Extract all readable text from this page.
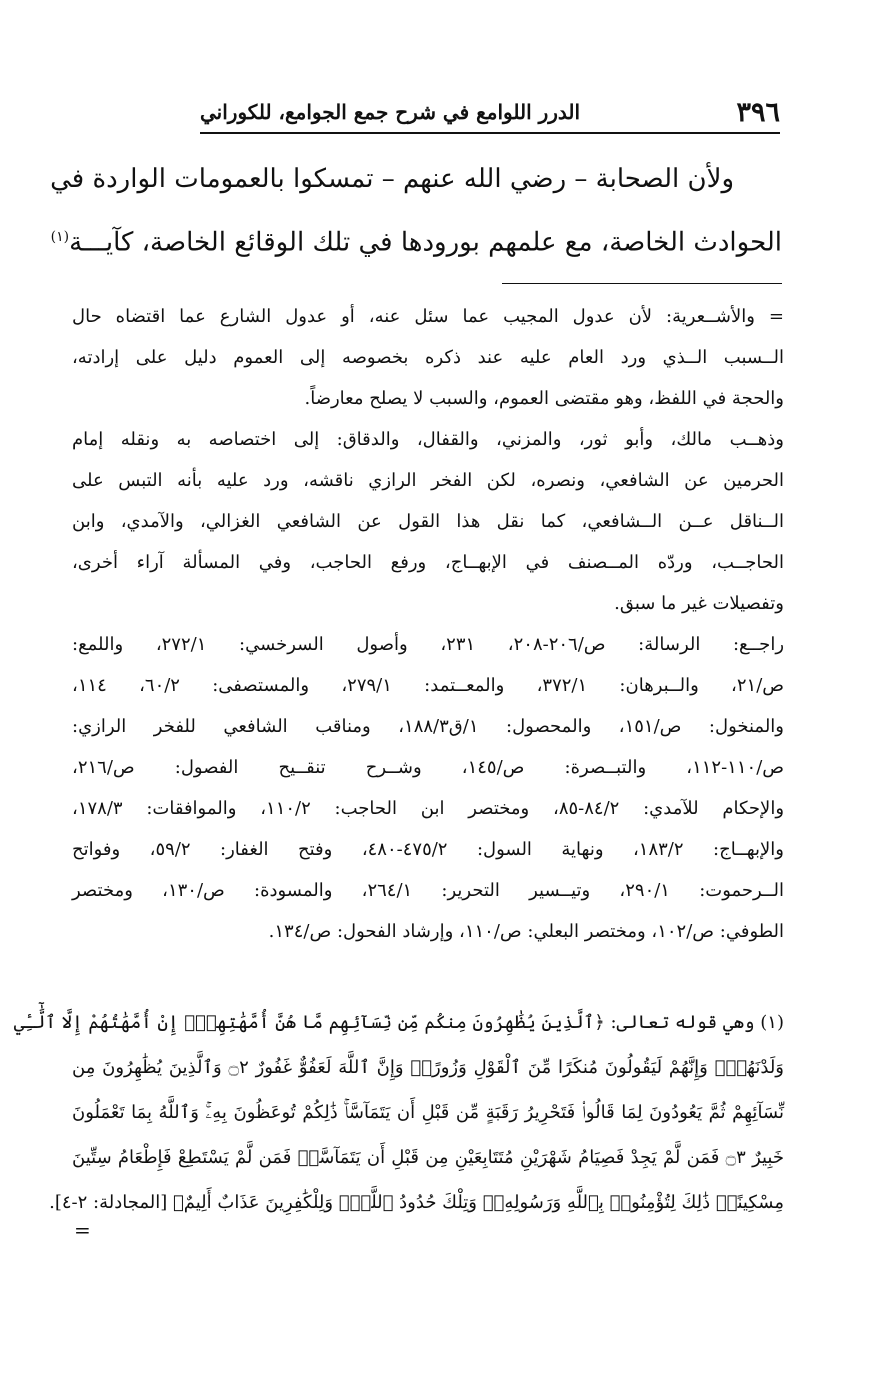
٣٩٦
الدرر اللوامع في شرح جمع الجوامع، للكوراني
ولأن الصحابة – رضي الله عنهم – تمسكوا بالعمومات الواردة في
الحوادث الخاصة، مع علمهم بورودها في تلك الوقائع الخاصة، كآيـــة$^{(١)}$

= والأشــعرية: لأن عدول المجيب عما سئل عنه، أو عدول الشارع عما اقتضاه حال
الــسبب الــذي ورد العام عليه عند ذكره بخصوصه إلى العموم دليل على إرادته،
والحجة في اللفظ، وهو مقتضى العموم، والسبب لا يصلح معارضاً.

وذهــب مالك، وأبو ثور، والمزني، والقفال، والدقاق: إلى اختصاصه به ونقله إمام
الحرمين عن الشافعي، ونصره، لكن الفخر الرازي ناقشه، ورد عليه بأنه التبس على
الــناقل عــن الــشافعي، كما نقل هذا القول عن الشافعي الغزالي، والآمدي، وابن
الحاجــب، وردّه المــصنف في الإبهــاج، ورفع الحاجب، وفي المسألة آراء أخرى،
وتفصيلات غير ما سبق.

راجــع: الرسالة: ص/٢٠٦-٢٠٨، ٢٣١، وأصول السرخسي: ٢٧٢/١، واللمع:
ص/٢١، والــبرهان: ٣٧٢/١، والمعــتمد: ٢٧٩/١، والمستصفى: ٦٠/٢، ١١٤،
والمنخول: ص/١٥١، والمحصول: ١/ق١٨٨/٣، ومناقب الشافعي للفخر الرازي:
ص/١١٠-١١٢، والتبــصرة: ص/١٤٥، وشــرح تنقــيح الفصول: ص/٢١٦،
والإحكام للآمدي: ٨٤/٢-٨٥، ومختصر ابن الحاجب: ١١٠/٢، والموافقات: ١٧٨/٣،
والإبهــاج: ١٨٣/٢، ونهاية السول: ٤٧٥/٢-٤٨٠، وفتح الغفار: ٥٩/٢، وفواتح
الــرحموت: ٢٩٠/١، وتيــسير التحرير: ٢٦٤/١، والمسودة: ص/١٣٠، ومختصر
الطوفي: ص/١٠٢، ومختصر البعلي: ص/١١٠، وإرشاد الفحول: ص/١٣٤.

(١) وهي قوله تعالى: ﴿ٱلَّذِينَ يُظَٰهِرُونَ مِنكُم مِّن نِّسَآئِهِم مَّا هُنَّ أُمَّهَٰتِهِمْۖ إِنْ أُمَّهَٰتُهُمْ إِلَّا ٱلَّٰٓـِٔي
وَلَدْنَهُمْۚ وَإِنَّهُمْ لَيَقُولُونَ مُنكَرًا مِّنَ ٱلْقَوْلِ وَزُورًاۚ وَإِنَّ ٱللَّهَ لَعَفُوٌّ غَفُورٌ ۝٢ وَٱلَّذِينَ يُظَٰهِرُونَ مِن
نِّسَآئِهِمْ ثُمَّ يَعُودُونَ لِمَا قَالُوا۟ فَتَحْرِيرُ رَقَبَةٍ مِّن قَبْلِ أَن يَتَمَآسَّاۚ ذَٰلِكُمْ تُوعَظُونَ بِهِۦۚ وَٱللَّهُ بِمَا تَعْمَلُونَ
خَبِيرٌ ۝٣ فَمَن لَّمْ يَجِدْ فَصِيَامُ شَهْرَيْنِ مُتَتَابِعَيْنِ مِن قَبْلِ أَن يَتَمَآسَّاۖ فَمَن لَّمْ يَسْتَطِعْ فَإِطْعَامُ سِتِّينَ
مِسْكِينًاۚ ذَٰلِكَ لِتُؤْمِنُوا۟ بِٱللَّهِ وَرَسُولِهِۦۚ وَتِلْكَ حُدُودُ ٱللَّهِۗ وَلِلْكَٰفِرِينَ عَذَابٌ أَلِيمٌ﴾ [المجادلة: ٢-٤].
=
